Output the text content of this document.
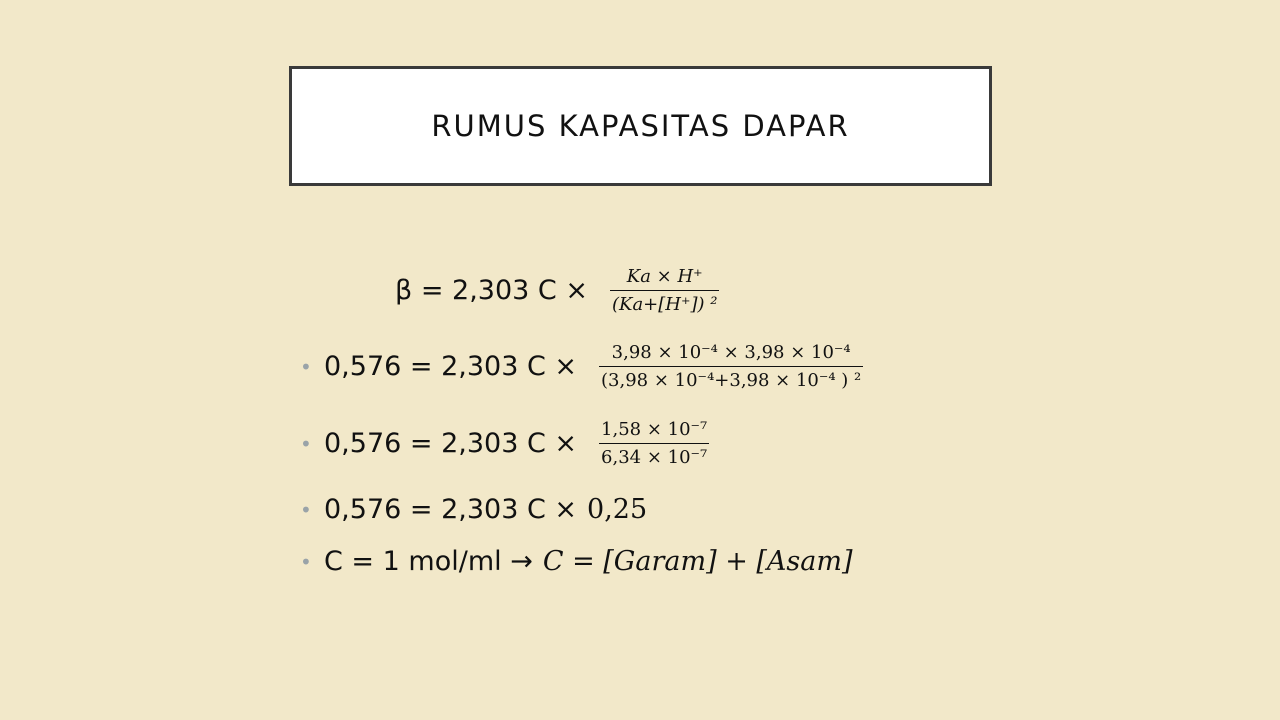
RUMUS KAPASITAS DAPAR
β = 2,303 $C \times \frac{Ka \times H^+}{\text{(Ka+[H⁺]) ²}}$
• 0,576 = 2,303 $C \times \frac{\text{3,98 × 10⁻⁴ × 3,98 × 10⁻⁴}}{\text{(3,98 × 10⁻⁴+3,98 × 10⁻⁴ ) ²}}$
• 0,576 = 2,303 $C \times \frac{\text{1,58 × 10⁻⁷}}{\text{6,34 × 10⁻⁷}}$
• 0,576 = 2,303 C × 0,25
• C = 1 mol/ml → C = [Garam] + [Asam]
